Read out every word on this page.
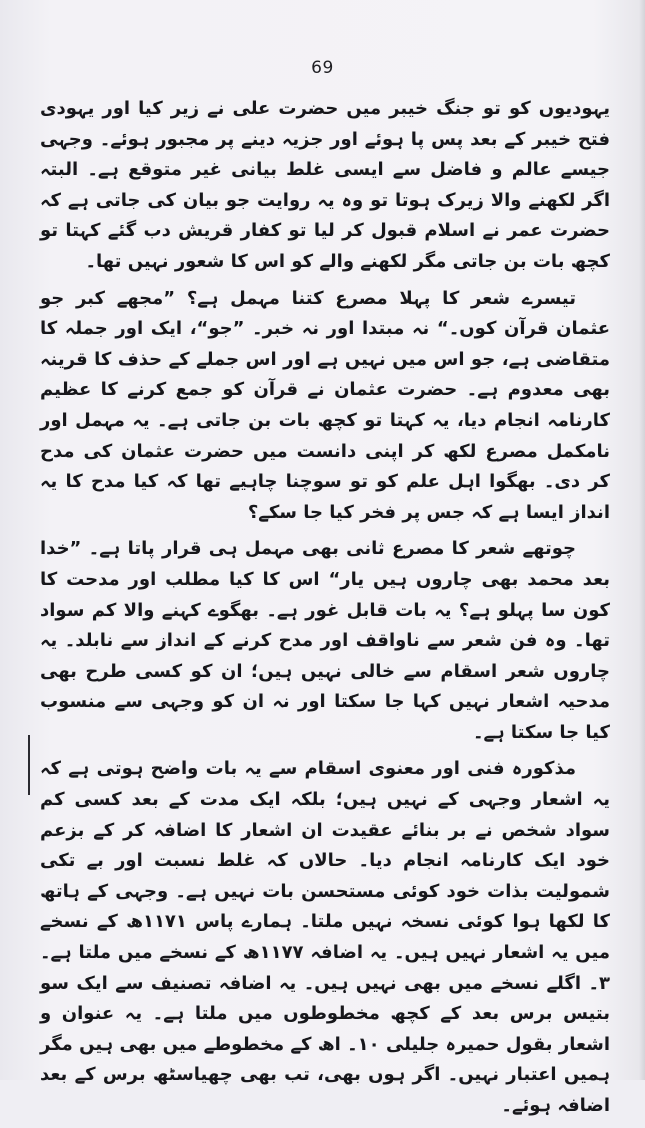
69

یہودیوں کو تو جنگ خیبر میں حضرت علی نے زیر کیا اور یہودی فتح خیبر کے بعد پس پا ہوئے اور جزیہ دینے پر مجبور ہوئے۔ وجہی جیسے عالم و فاضل سے ایسی غلط بیانی غیر متوقع ہے۔ البتہ اگر لکھنے والا زیرک ہوتا تو وہ یہ روایت جو بیان کی جاتی ہے کہ حضرت عمر نے اسلام قبول کر لیا تو کفار قریش دب گئے کہتا تو کچھ بات بن جاتی مگر لکھنے والے کو اس کا شعور نہیں تھا۔

تیسرے شعر کا پہلا مصرع کتنا مہمل ہے؟ ”مجھے کبر جو عثمان قرآن کوں۔“ نہ مبتدا اور نہ خبر۔ ”جو“، ایک اور جملہ کا متقاضی ہے، جو اس میں نہیں ہے اور اس جملے کے حذف کا قرینہ بھی معدوم ہے۔ حضرت عثمان نے قرآن کو جمع کرنے کا عظیم کارنامہ انجام دیا، یہ کہتا تو کچھ بات بن جاتی ہے۔ یہ مہمل اور نامکمل مصرع لکھ کر اپنی دانست میں حضرت عثمان کی مدح کر دی۔ بھگوا اہل علم کو تو سوچنا چاہیے تھا کہ کیا مدح کا یہ انداز ایسا ہے کہ جس پر فخر کیا جا سکے؟

چوتھے شعر کا مصرع ثانی بھی مہمل ہی قرار پاتا ہے۔ ”خدا بعد محمد بھی چاروں ہیں یار“ اس کا کیا مطلب اور مدحت کا کون سا پہلو ہے؟ یہ بات قابل غور ہے۔ بھگوے کہنے والا کم سواد تھا۔ وہ فن شعر سے ناواقف اور مدح کرنے کے انداز سے نابلد۔ یہ چاروں شعر اسقام سے خالی نہیں ہیں؛ ان کو کسی طرح بھی مدحیہ اشعار نہیں کہا جا سکتا اور نہ ان کو وجہی سے منسوب کیا جا سکتا ہے۔

مذکورہ فنی اور معنوی اسقام سے یہ بات واضح ہوتی ہے کہ یہ اشعار وجہی کے نہیں ہیں؛ بلکہ ایک مدت کے بعد کسی کم سواد شخص نے بر بنائے عقیدت ان اشعار کا اضافہ کر کے بزعم خود ایک کارنامہ انجام دیا۔ حالاں کہ غلط نسبت اور بے تکی شمولیت بذات خود کوئی مستحسن بات نہیں ہے۔ وجہی کے ہاتھ کا لکھا ہوا کوئی نسخہ نہیں ملتا۔ ہمارے پاس ۱۱۷۱ھ کے نسخے میں یہ اشعار نہیں ہیں۔ یہ اضافہ ۱۱۷۷ھ کے نسخے میں ملتا ہے۔ ۳۔ اگلے نسخے میں بھی نہیں ہیں۔ یہ اضافہ تصنیف سے ایک سو بتیس برس بعد کے کچھ مخطوطوں میں ملتا ہے۔ یہ عنوان و اشعار بقول حمیرہ جلیلی ۱۰۔ اھ کے مخطوطے میں بھی ہیں مگر ہمیں اعتبار نہیں۔ اگر ہوں بھی، تب بھی چھیاسٹھ برس کے بعد اضافہ ہوئے۔
